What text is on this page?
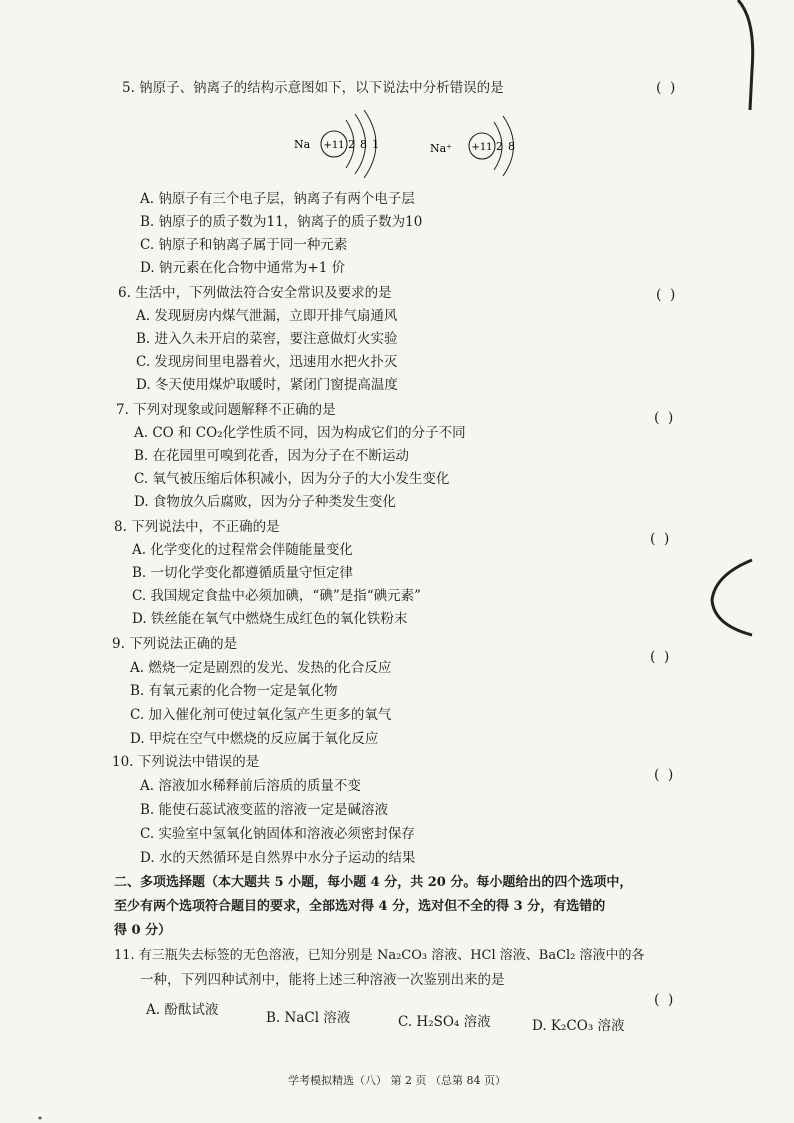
5. 钠原子、钠离子的结构示意图如下，以下说法中分析错误的是	( )
Na +11 2 8 1	Na⁺ +11 2 8
A. 钠原子有三个电子层，钠离子有两个电子层
B. 钠原子的质子数为11，钠离子的质子数为10
C. 钠原子和钠离子属于同一种元素
D. 钠元素在化合物中通常为+1 价
6. 生活中，下列做法符合安全常识及要求的是	( )
A. 发现厨房内煤气泄漏，立即开排气扇通风
B. 进入久未开启的菜窖，要注意做灯火实验
C. 发现房间里电器着火，迅速用水把火扑灭
D. 冬天使用煤炉取暖时，紧闭门窗提高温度
7. 下列对现象或问题解释不正确的是	( )
A. CO 和 CO₂化学性质不同，因为构成它们的分子不同
B. 在花园里可嗅到花香，因为分子在不断运动
C. 氧气被压缩后体积减小，因为分子的大小发生变化
D. 食物放久后腐败，因为分子种类发生变化
8. 下列说法中，不正确的是
( )
A. 化学变化的过程常会伴随能量变化
B. 一切化学变化都遵循质量守恒定律
C. 我国规定食盐中必须加碘，“碘”是指“碘元素”
D. 铁丝能在氧气中燃烧生成红色的氧化铁粉末
9. 下列说法正确的是
( )
A. 燃烧一定是剧烈的发光、发热的化合反应
B. 有氧元素的化合物一定是氧化物
C. 加入催化剂可使过氧化氢产生更多的氧气
D. 甲烷在空气中燃烧的反应属于氧化反应
10. 下列说法中错误的是
( )
A. 溶液加水稀释前后溶质的质量不变
B. 能使石蕊试液变蓝的溶液一定是碱溶液
C. 实验室中氢氧化钠固体和溶液必须密封保存
D. 水的天然循环是自然界中水分子运动的结果
二、多项选择题（本大题共 5 小题，每小题 4 分，共 20 分。每小题给出的四个选项中，
至少有两个选项符合题目的要求，全部选对得 4 分，选对但不全的得 3 分，有选错的
得 0 分）
11. 有三瓶失去标签的无色溶液，已知分别是 Na₂CO₃ 溶液、HCl 溶液、BaCl₂ 溶液中的各
一种，下列四种试剂中，能将上述三种溶液一次鉴别出来的是
( )
A. 酚酞试液	B. NaCl 溶液	C. H₂SO₄ 溶液	D. K₂CO₃ 溶液
学考模拟精选（八） 第 2 页 （总第 84 页）
